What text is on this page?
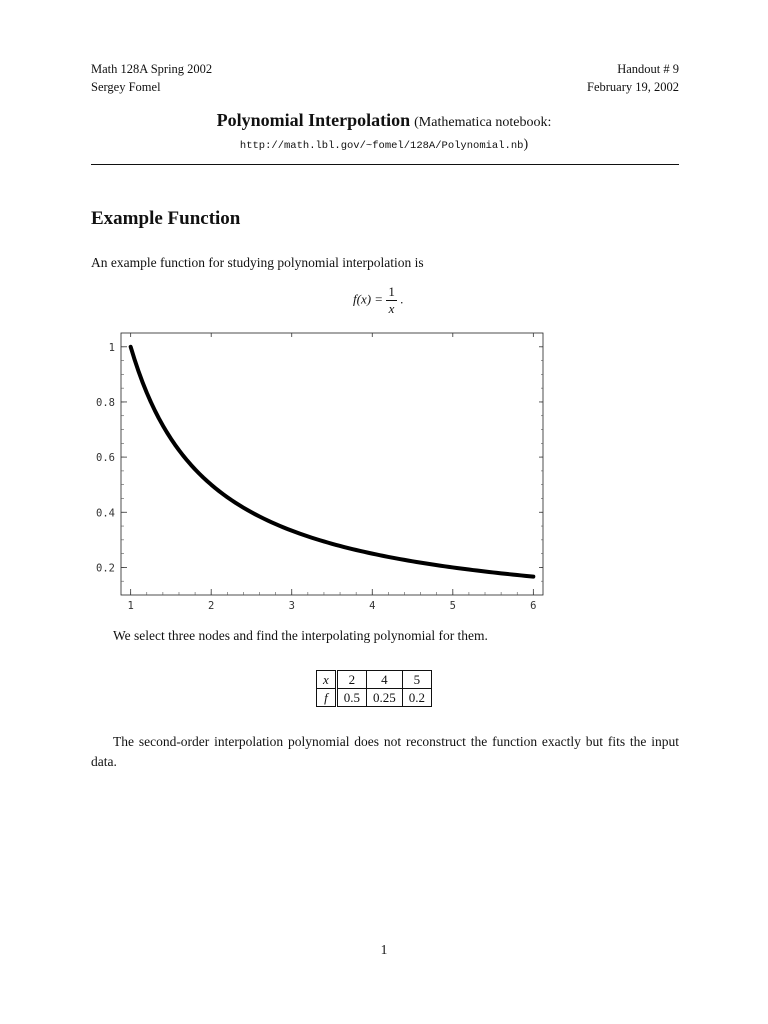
Math 128A Spring 2002
Sergey Fomel
Handout # 9
February 19, 2002
Polynomial Interpolation (Mathematica notebook:
http://math.lbl.gov/~fomel/128A/Polynomial.nb)
Example Function
An example function for studying polynomial interpolation is
$f(x) = \frac{1}{x}$ .
1	2	3	4	5	6
0.2
0.4
0.6
0.8
1
We select three nodes and find the interpolating polynomial for them.
x	2	4	5
f	0.5	0.25	0.2
The second-order interpolation polynomial does not reconstruct the function exactly but fits the input data.
1
